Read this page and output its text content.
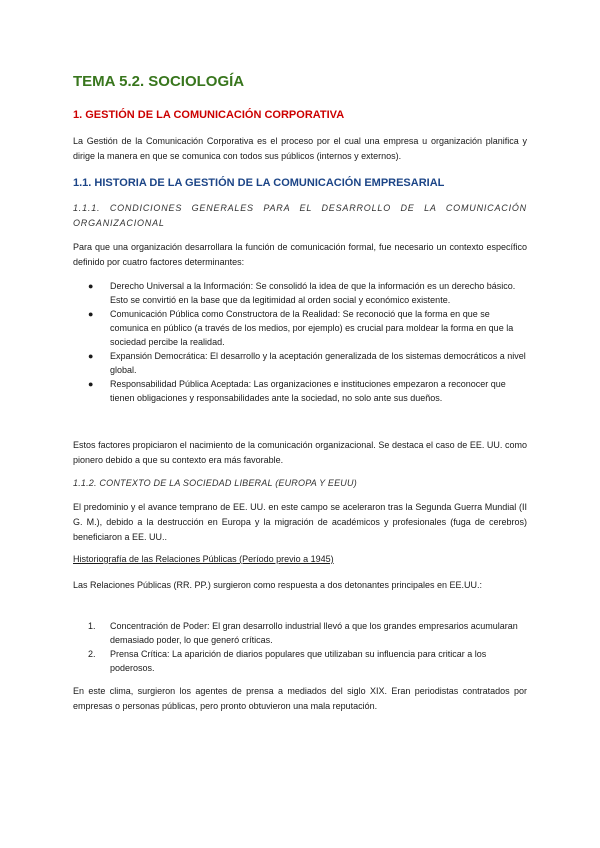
TEMA 5.2. SOCIOLOGÍA
1. GESTIÓN DE LA COMUNICACIÓN CORPORATIVA

La Gestión de la Comunicación Corporativa es el proceso por el cual una empresa u organización planifica y dirige la manera en que se comunica con todos sus públicos (internos y externos).

1.1. HISTORIA DE LA GESTIÓN DE LA COMUNICACIÓN EMPRESARIAL

1.1.1. CONDICIONES GENERALES PARA EL DESARROLLO DE LA COMUNICACIÓN ORGANIZACIONAL

Para que una organización desarrollara la función de comunicación formal, fue necesario un contexto específico definido por cuatro factores determinantes:

● Derecho Universal a la Información: Se consolidó la idea de que la información es un derecho básico. Esto se convirtió en la base que da legitimidad al orden social y económico existente.
● Comunicación Pública como Constructora de la Realidad: Se reconoció que la forma en que se comunica en público (a través de los medios, por ejemplo) es crucial para moldear la forma en que la sociedad percibe la realidad.
● Expansión Democrática: El desarrollo y la aceptación generalizada de los sistemas democráticos a nivel global.
● Responsabilidad Pública Aceptada: Las organizaciones e instituciones empezaron a reconocer que tienen obligaciones y responsabilidades ante la sociedad, no solo ante sus dueños.

Estos factores propiciaron el nacimiento de la comunicación organizacional. Se destaca el caso de EE. UU. como pionero debido a que su contexto era más favorable.

1.1.2. CONTEXTO DE LA SOCIEDAD LIBERAL (EUROPA Y EEUU)

El predominio y el avance temprano de EE. UU. en este campo se aceleraron tras la Segunda Guerra Mundial (II G. M.), debido a la destrucción en Europa y la migración de académicos y profesionales (fuga de cerebros) beneficiaron a EE. UU..

Historiografía de las Relaciones Públicas (Período previo a 1945)

Las Relaciones Públicas (RR. PP.) surgieron como respuesta a dos detonantes principales en EE.UU.:

1. Concentración de Poder: El gran desarrollo industrial llevó a que los grandes empresarios acumularan demasiado poder, lo que generó críticas.
2. Prensa Crítica: La aparición de diarios populares que utilizaban su influencia para criticar a los poderosos.

En este clima, surgieron los agentes de prensa a mediados del siglo XIX. Eran periodistas contratados por empresas o personas públicas, pero pronto obtuvieron una mala reputación.
